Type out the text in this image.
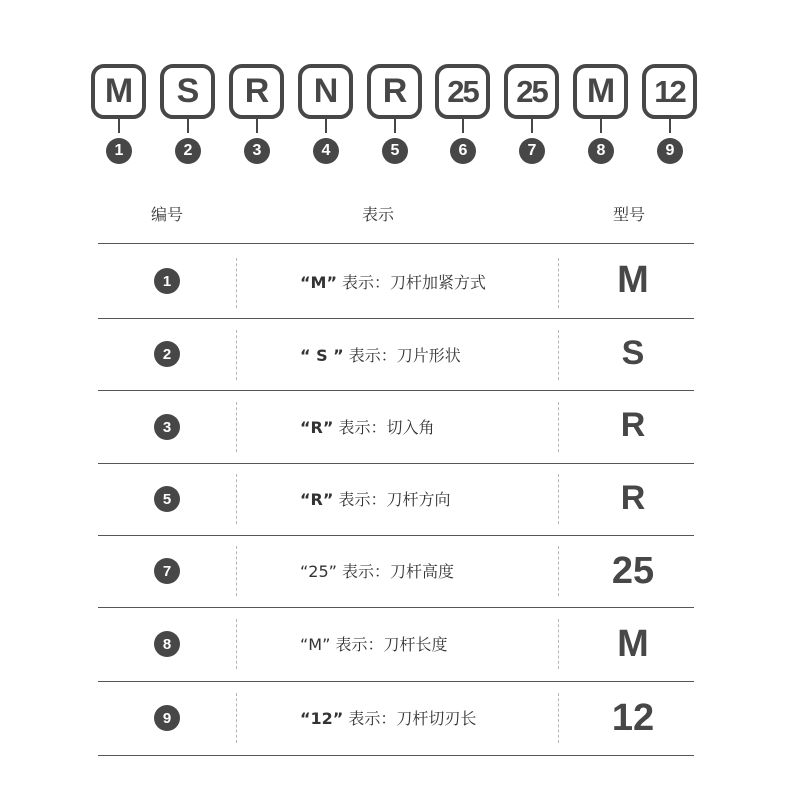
M	S	R	N	R	25	25	M	12
1	2	3	4	5	6	7	8	9
编号	表示	型号
1	“M” 表示：刀杆加紧方式	M
2	“ S ” 表示：刀片形状	S
3	“R” 表示：切入角	R
5	“R” 表示：刀杆方向	R
7	“25” 表示：刀杆高度	25
8	“M” 表示：刀杆长度	M
9	“12” 表示：刀杆切刃长	12
